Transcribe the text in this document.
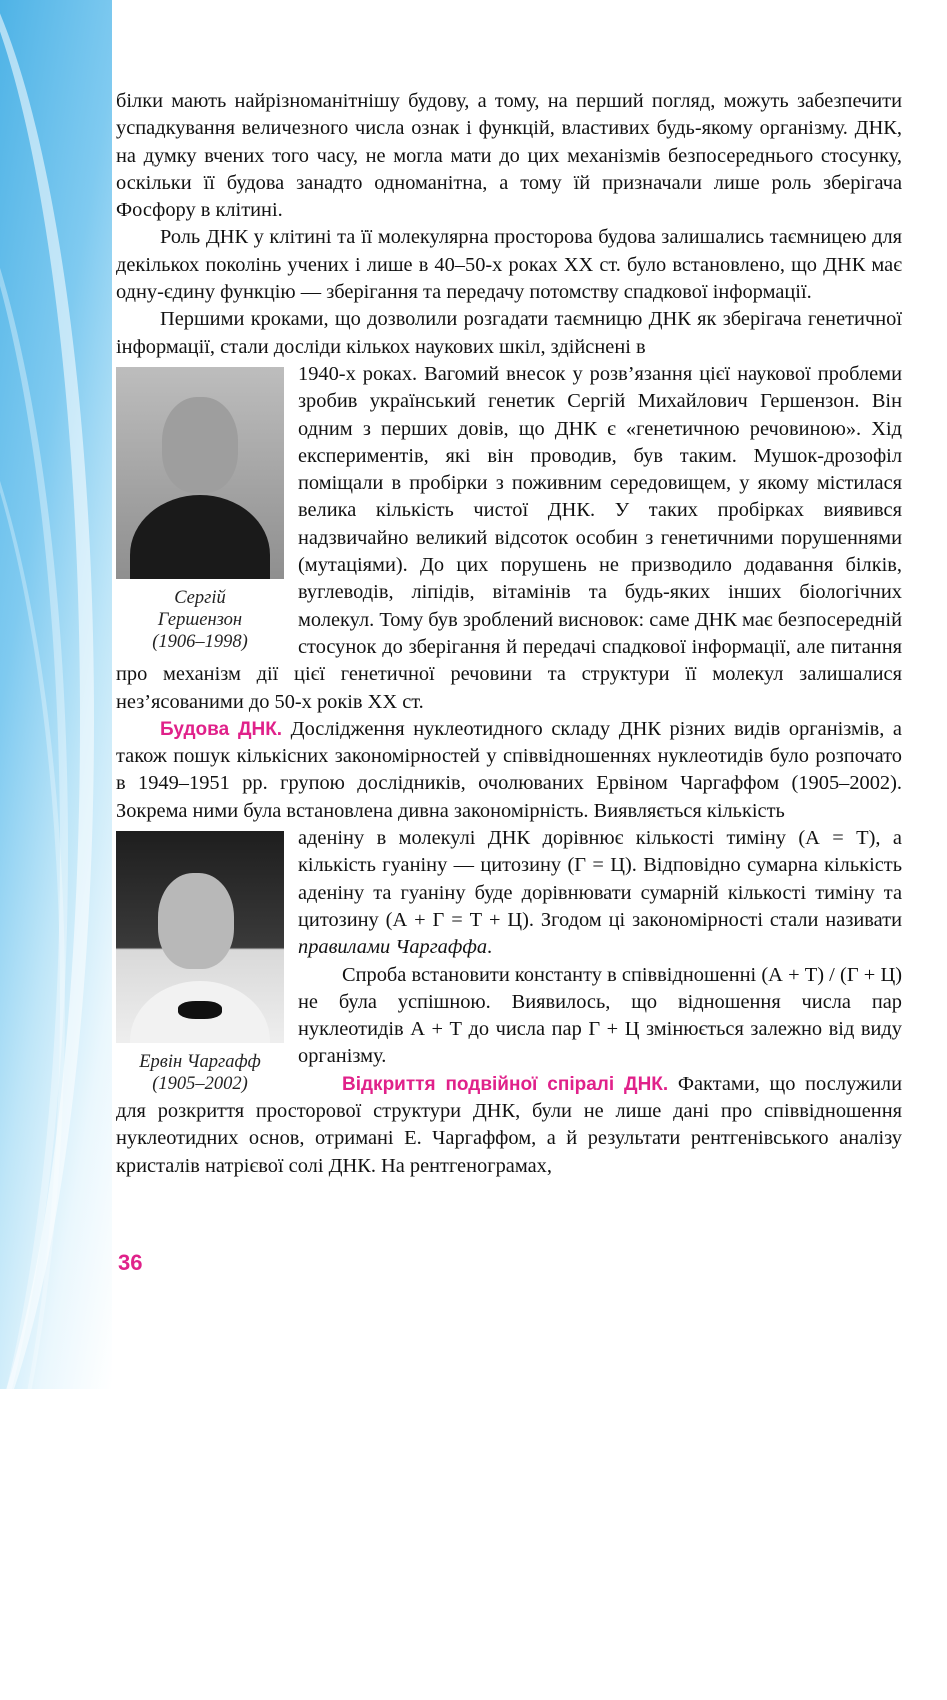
білки мають найрізноманітнішу будову, а тому, на перший погляд, можуть забезпечити успадкування величезного числа ознак і функцій, властивих будь-якому організму. ДНК, на думку вчених того часу, не могла мати до цих механізмів безпосереднього стосунку, оскільки її будова занадто одноманітна, а тому їй призначали лише роль зберігача Фосфору в клітині.

Роль ДНК у клітині та її молекулярна просторова будова залишались таємницею для декількох поколінь учених і лише в 40–50-х роках XX ст. було встановлено, що ДНК має одну-єдину функцію — зберігання та передачу потомству спадкової інформації.

Першими кроками, що дозволили розгадати таємницю ДНК як зберігача генетичної інформації, стали досліди кількох наукових шкіл, здійснені в

Сергій
Гершензон
(1906–1998)

1940-х роках. Вагомий внесок у розв’язання цієї наукової проблеми зробив український генетик Сергій Михайлович Гершензон. Він одним з перших довів, що ДНК є «генетичною речовиною». Хід експериментів, які він проводив, був таким. Мушок-дрозофіл поміщали в пробірки з поживним середовищем, у якому містилася велика кількість чистої ДНК. У таких пробірках виявився надзвичайно великий відсоток особин з генетичними порушеннями (мутаціями). До цих порушень не призводило додавання білків, вуглеводів, ліпідів, вітамінів та будь-яких інших біологічних молекул. Тому був зроблений висновок: саме ДНК має безпосередній стосунок до зберігання й передачі спадкової інформації, але питання про механізм дії цієї генетичної речовини та структури її молекул залишалися нез’ясованими до 50-х років XX ст.

Будова ДНК. Дослідження нуклеотидного складу ДНК різних видів організмів, а також пошук кількісних закономірностей у співвідношеннях нуклеотидів було розпочато в 1949–1951 рр. групою дослідників, очолюваних Ервіном Чаргаффом (1905–2002). Зокрема ними була встановлена дивна закономірність. Виявляється кількість

Ервін Чаргафф
(1905–2002)

аденіну в молекулі ДНК дорівнює кількості тиміну (А = Т), а кількість гуаніну — цитозину (Г = Ц). Відповідно сумарна кількість аденіну та гуаніну буде дорівнювати сумарній кількості тиміну та цитозину (А + Г = Т + Ц). Згодом ці закономірності стали називати правилами Чаргаффа.

Спроба встановити константу в співвідношенні (А + Т) / (Г + Ц) не була успішною. Виявилось, що відношення числа пар нуклеотидів А + Т до числа пар Г + Ц змінюється залежно від виду організму.

Відкриття подвійної спіралі ДНК. Фактами, що послужили для розкриття просторової структури ДНК, були не лише дані про співвідношення нуклеотидних основ, отримані Е. Чаргаффом, а й результати рентгенівського аналізу кристалів натрієвої солі ДНК. На рентгенограмах,

36
